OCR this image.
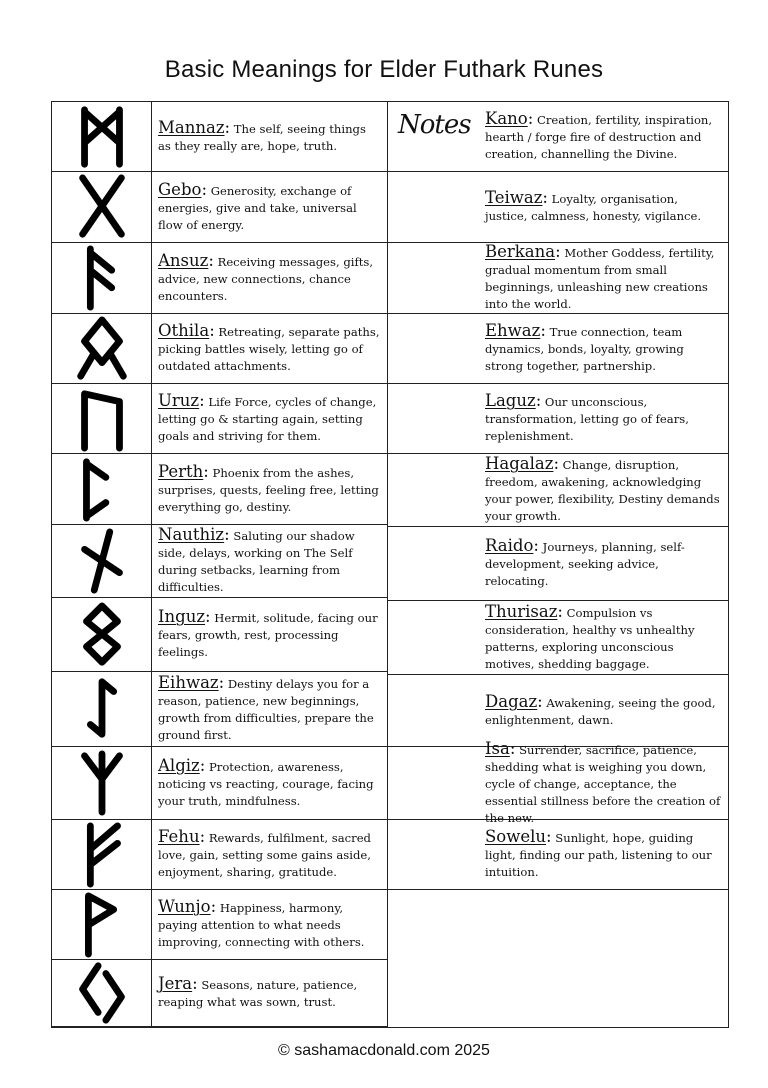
Basic Meanings for Elder Futhark Runes

Mannaz: The self, seeing things as they really are, hope, truth.

Gebo: Generosity, exchange of energies, give and take, universal flow of energy.

Ansuz: Receiving messages, gifts, advice, new connections, chance encounters.

Othila: Retreating, separate paths, picking battles wisely, letting go of outdated attachments.

Uruz: Life Force, cycles of change, letting go & starting again, setting goals and striving for them.

Perth: Phoenix from the ashes, surprises, quests, feeling free, letting everything go, destiny.

Nauthiz: Saluting our shadow side, delays, working on The Self during setbacks, learning from difficulties.

Inguz: Hermit, solitude, facing our fears, growth, rest, processing feelings.

Eihwaz: Destiny delays you for a reason, patience, new beginnings, growth from difficulties, prepare the ground first.

Algiz: Protection, awareness, noticing vs reacting, courage, facing your truth, mindfulness.

Fehu: Rewards, fulfilment, sacred love, gain, setting some gains aside, enjoyment, sharing, gratitude.

Wunjo: Happiness, harmony, paying attention to what needs improving, connecting with others.

Jera: Seasons, nature, patience, reaping what was sown, trust.

Notes Kano: Creation, fertility, inspiration, hearth / forge fire of destruction and creation, channelling the Divine.

Teiwaz: Loyalty, organisation, justice, calmness, honesty, vigilance.

Berkana: Mother Goddess, fertility, gradual momentum from small beginnings, unleashing new creations into the world.

Ehwaz: True connection, team dynamics, bonds, loyalty, growing strong together, partnership.

Laguz: Our unconscious, transformation, letting go of fears, replenishment.

Hagalaz: Change, disruption, freedom, awakening, acknowledging your power, flexibility, Destiny demands your growth.

Raido: Journeys, planning, self-development, seeking advice, relocating.

Thurisaz: Compulsion vs consideration, healthy vs unhealthy patterns, exploring unconscious motives, shedding baggage.

Dagaz: Awakening, seeing the good, enlightenment, dawn.

Isa: Surrender, sacrifice, patience, shedding what is weighing you down, cycle of change, acceptance, the essential stillness before the creation of the new.

Sowelu: Sunlight, hope, guiding light, finding our path, listening to our intuition.

© sashamacdonald.com 2025
